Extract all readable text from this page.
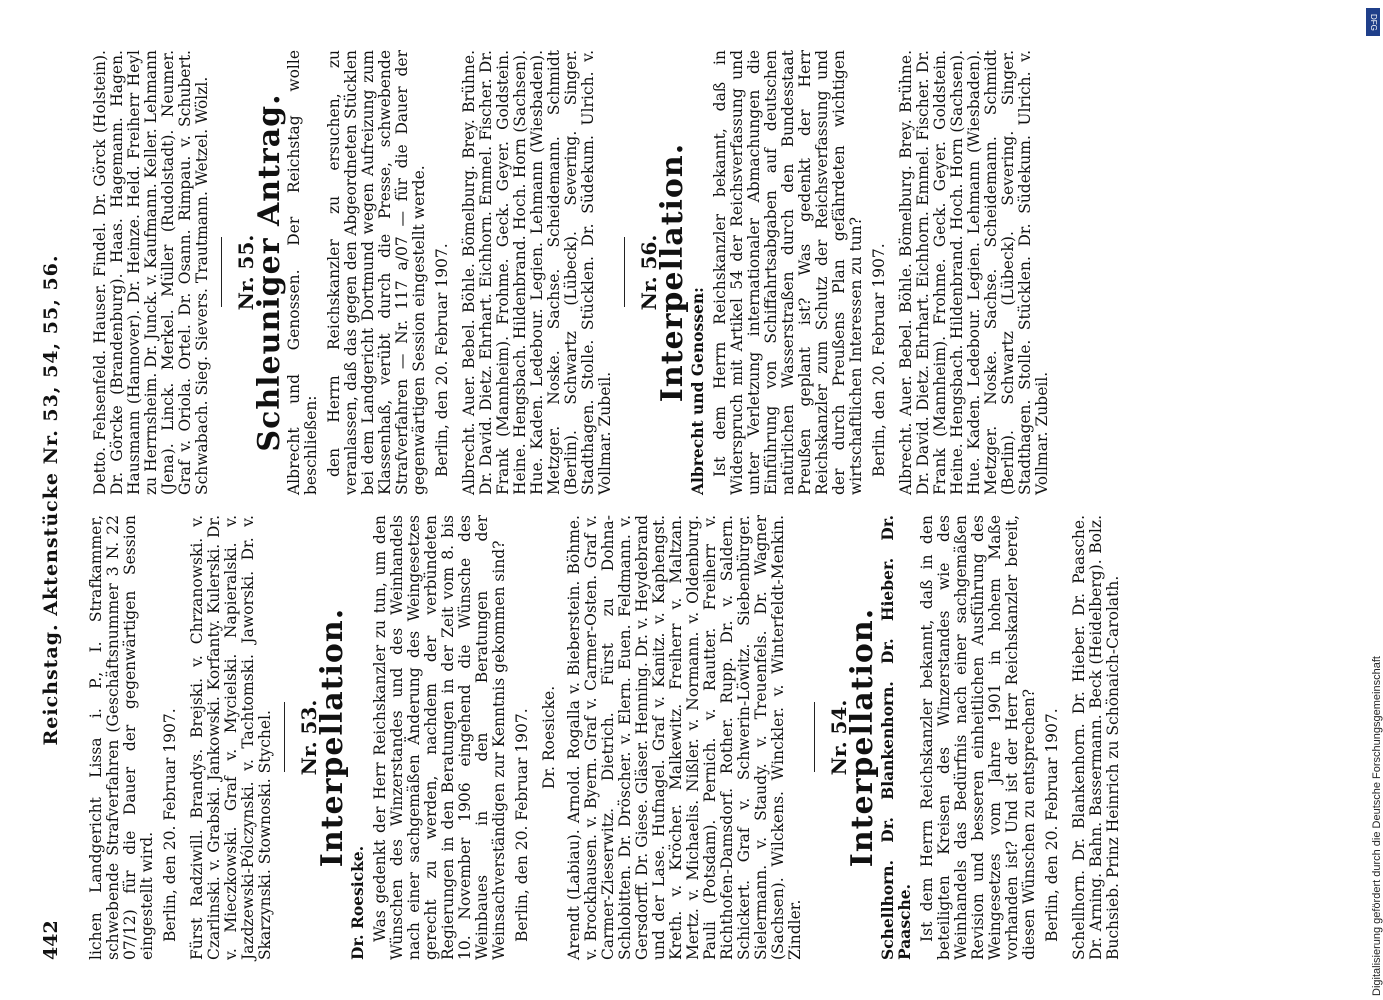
442
Reichstag. Aktenstücke Nr. 53, 54, 55, 56. lichen Landgericht Lissa i. P., I. Strafkammer, schwebende Strafverfahren (Geschäftsnummer 3 N. 22 07/12) für die Dauer der gegenwärtigen Session eingestellt wird. Berlin, den 20. Februar 1907. Fürst Radziwill. Brandys. Brejski. v. Chrzanowski. v. Czarlinski. v. Grabski. Jankowski. Korfanty. Kulerski. Dr. v. Mieczkowski. Graf v. Mycielski. Napieralski. v. Jazdzewski-Pólczynski. v. Tachtomski. Jaworski. Dr. v. Skarzynski. Stownoski. Stychel. Nr. 53.
Interpellation.

Dr. Roesicke. Was gedenkt der Herr Reichskanzler zu tun, um den Wünschen des Winzerstandes und des Weinhandels nach einer sachgemäßen Änderung des Weingesetzes gerecht zu werden, nachdem der verbündeten Regierungen in den Beratungen in der Zeit vom 8. bis 10. November 1906 eingehend die Wünsche des Weinbaues in den Beratungen der Weinsachverständigen zur Kenntnis gekommen sind? Berlin, den 20. Februar 1907. Dr. Roesicke. Arendt (Labiau). Arnold. Rogalla v. Bieberstein. Böhme. v. Brockhausen. v. Byern. Graf v. Carmer-Osten. Graf v. Carmer-Zieserwitz. Dietrich. Fürst zu Dohna-Schlobitten. Dr. Dröscher. v. Elern. Euen. Feldmann. v. Gersdorff. Dr. Giese. Gläser. Henning. Dr. v. Heydebrand und der Lase. Hufnagel. Graf v. Kanitz. v. Kaphengst. Kreth. v. Kröcher. Malkewitz. Freiherr v. Maltzan. Mertz. v. Michaelis. Nißler. v. Normann. v. Oldenburg. Pauli (Potsdam). Pernich. v. Rautter. Freiherr v. Richthofen-Damsdorf. Rother. Rupp. Dr. v. Saldern. Schickert. Graf v. Schwerin-Löwitz. Siebenbürger. Sielermann. v. Staudy. v. Treuenfels. Dr. Wagner (Sachsen). Wilckens. Winckler. v. Winterfeldt-Menkin. Zindler.

Nr. 54.
Interpellation.

Schellhorn. Dr. Blankenhorn. Dr. Hieber. Dr. Paasche. Ist dem Herrn Reichskanzler bekannt, daß in den beteiligten Kreisen des Winzerstandes wie des Weinhandels das Bedürfnis nach einer sachgemäßen Revision und besseren einheitlichen Ausführung des Weingesetzes vom Jahre 1901 in hohem Maße vorhanden ist? Und ist der Herr Reichskanzler bereit, diesen Wünschen zu entsprechen? Berlin, den 20. Februar 1907. Schellhorn. Dr. Blankenhorn. Dr. Hieber. Dr. Paasche. Dr. Arning. Bahn. Bassermann. Beck (Heidelberg). Bolz. Buchsieb. Prinz Heinrich zu Schönaich-Carolath.

Detto. Fehsenfeld. Hauser. Findel. Dr. Görck (Holstein). Dr. Görcke (Brandenburg). Haas. Hagemann. Hagen. Hausmann (Hannover). Dr. Heinze. Held. Freiherr Heyl zu Herrnsheim. Dr. Junck. v. Kaufmann. Keller. Lehmann (Jena). Linck. Merkel. Müller (Rudolstadt). Neumer. Graf v. Oriola. Ortel. Dr. Osann. Rimpau. v. Schubert. Schwabach. Sieg. Sievers. Trautmann. Wetzel. Wölzl. Nr. 55.
Schleuniger Antrag.

Albrecht und Genossen. Der Reichstag wolle beschließen: den Herrn Reichskanzler zu ersuchen, zu veranlassen, daß das gegen den Abgeordneten Stücklen bei dem Landgericht Dortmund wegen Aufreizung zum Klassenhaß, verübt durch die Presse, schwebende Strafverfahren — Nr. 117 a/07 — für die Dauer der gegenwärtigen Session eingestellt werde. Berlin, den 20. Februar 1907. Albrecht. Auer. Bebel. Böhle. Bömelburg. Brey. Brühne. Dr. David. Dietz. Ehrhart. Eichhorn. Emmel. Fischer. Dr. Frank (Mannheim). Frohme. Geck. Geyer. Goldstein. Heine. Hengsbach. Hildenbrand. Hoch. Horn (Sachsen). Hue. Kaden. Ledebour. Legien. Lehmann (Wiesbaden). Metzger. Noske. Sachse. Scheidemann. Schmidt (Berlin). Schwartz (Lübeck). Severing. Singer. Stadthagen. Stolle. Stücklen. Dr. Südekum. Ulrich. v. Vollmar. Zubeil.

Nr. 56.
Interpellation.

Albrecht und Genossen: Ist dem Herrn Reichskanzler bekannt, daß in Widerspruch mit Artikel 54 der Reichsverfassung und unter Verletzung internationaler Abmachungen die Einführung von Schiffahrtsabgaben auf deutschen natürlichen Wasserstraßen durch den Bundesstaat Preußen geplant ist? Was gedenkt der Herr Reichskanzler zum Schutz der Reichsverfassung und der durch Preußens Plan gefährdeten wichtigen wirtschaftlichen Interessen zu tun? Berlin, den 20. Februar 1907. Albrecht. Auer. Bebel. Böhle. Bömelburg. Brey. Brühne. Dr. David. Dietz. Ehrhart. Eichhorn. Emmel. Fischer. Dr. Frank (Mannheim). Frohme. Geck. Geyer. Goldstein. Heine. Hengsbach. Hildenbrand. Hoch. Horn (Sachsen). Hue. Kaden. Ledebour. Legien. Lehmann (Wiesbaden). Metzger. Noske. Sachse. Scheidemann. Schmidt (Berlin). Schwartz (Lübeck). Severing. Singer. Stadthagen. Stolle. Stücklen. Dr. Südekum. Ulrich. v. Vollmar. Zubeil.

Digitalisierung gefördert durch die Deutsche Forschungsgemeinschaft
DFG
